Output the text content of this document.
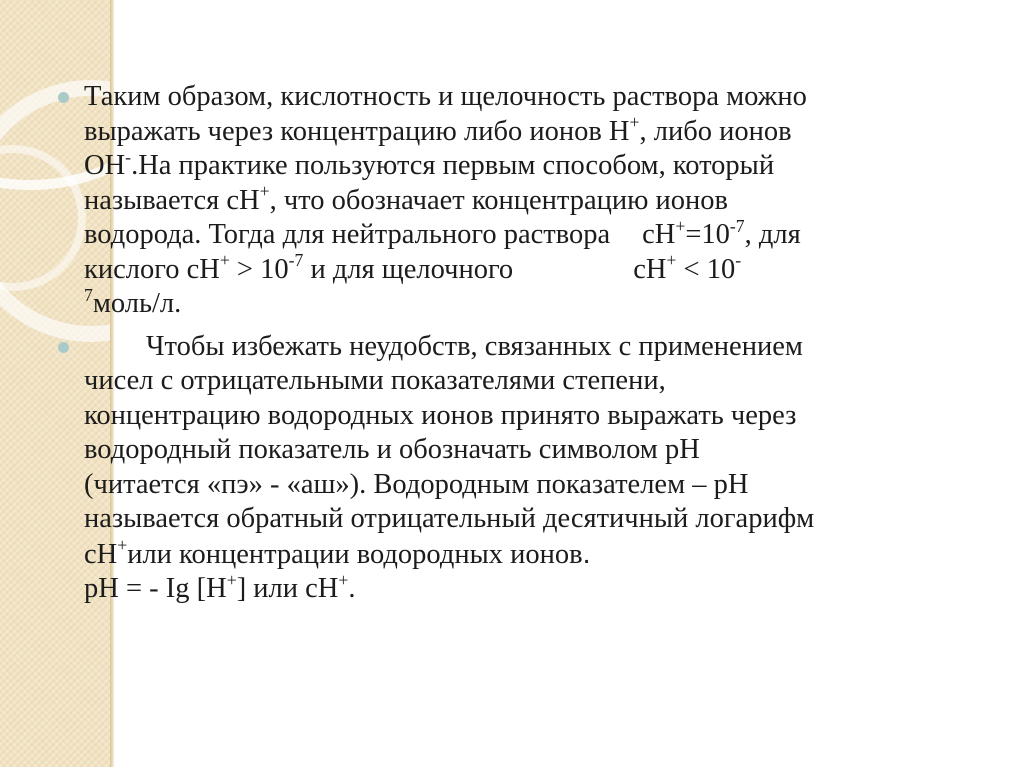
Таким образом, кислотность и щелочность раствора можно
выражать через концентрацию либо ионов H+, либо ионов
OH-.На практике пользуются первым способом, который
называется сH+, что обозначает концентрацию ионов
водорода. Тогда для нейтрального раствора $сH^+=10^{-7}$, для
кислого $сH^+ > 10^{-7}$ и для щелочного	сH+ < 10-
$^7$моль/л.
Чтобы избежать неудобств, связанных с применением
чисел с отрицательными показателями степени,
концентрацию водородных ионов принято выражать через
водородный показатель и обозначать символом pH
(читается «пэ» - «аш»). Водородным показателем – pH
называется обратный отрицательный десятичный логарифм
сH+или концентрации водородных ионов.
pH = - Ig [H+] или сH+.
